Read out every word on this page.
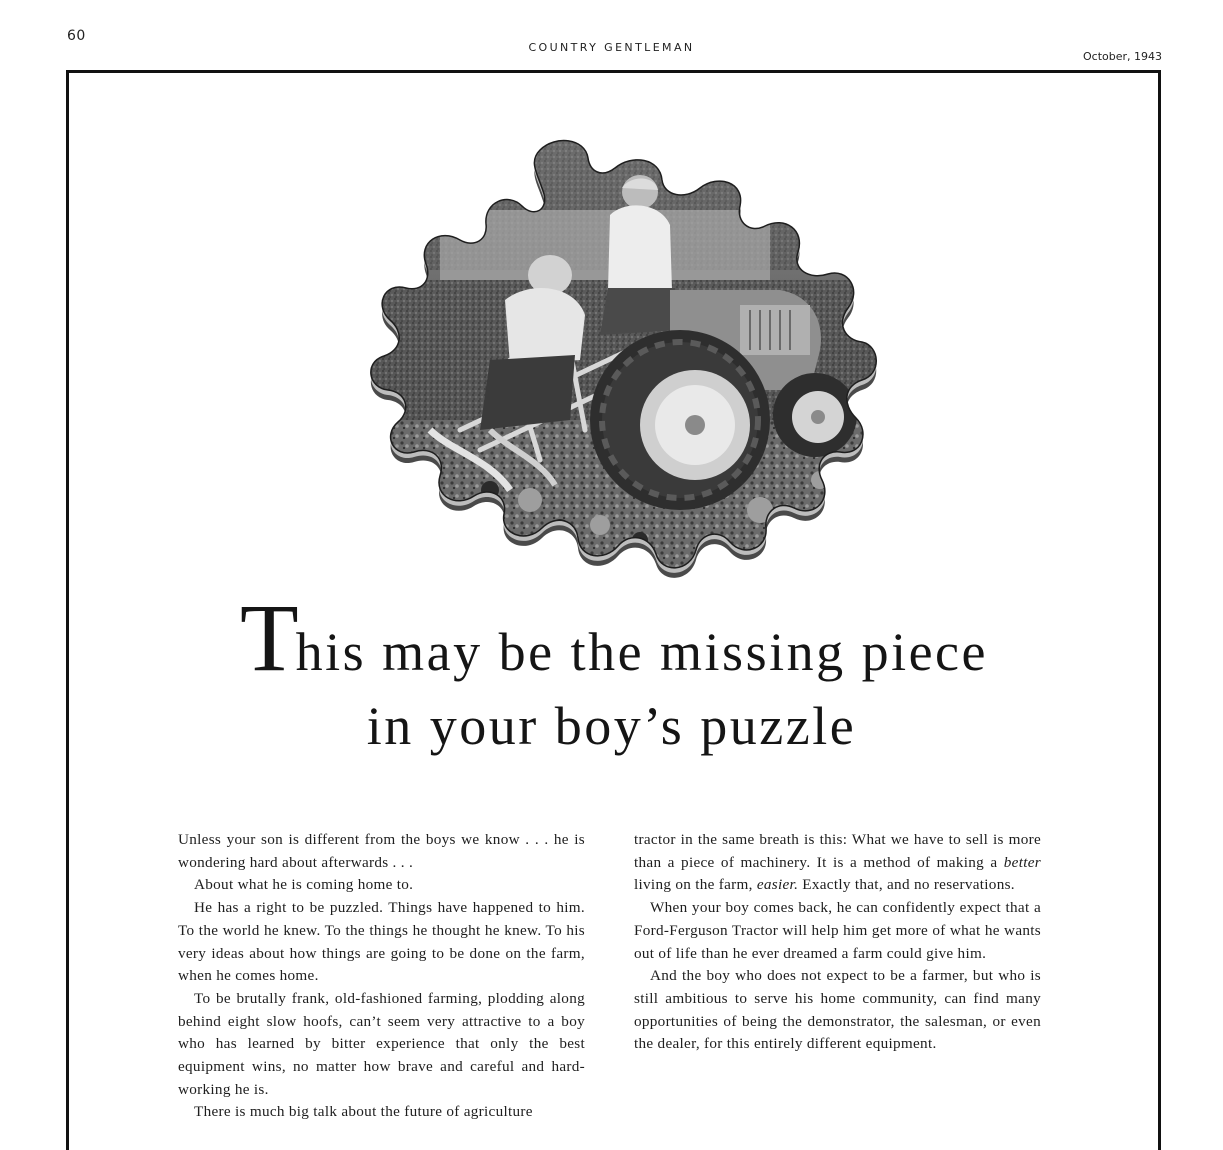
60
COUNTRY GENTLEMAN
October, 1943
This may be the missing piece
in your boy’s puzzle

Unless your son is different from the boys we know . . . he is wondering hard about afterwards . . .

About what he is coming home to.

He has a right to be puzzled. Things have happened to him. To the world he knew. To the things he thought he knew. To his very ideas about how things are going to be done on the farm, when he comes home.

To be brutally frank, old-fashioned farming, plodding along behind eight slow hoofs, can’t seem very attractive to a boy who has learned by bitter experience that only the best equipment wins, no matter how brave and careful and hard-working he is.

There is much big talk about the future of agriculture

tractor in the same breath is this: What we have to sell is more than a piece of machinery. It is a method of making a better living on the farm, easier. Exactly that, and no reservations.

When your boy comes back, he can confidently expect that a Ford-Ferguson Tractor will help him get more of what he wants out of life than he ever dreamed a farm could give him.

And the boy who does not expect to be a farmer, but who is still ambitious to serve his home community, can find many opportunities of being the demonstrator, the salesman, or even the dealer, for this entirely different equipment.
